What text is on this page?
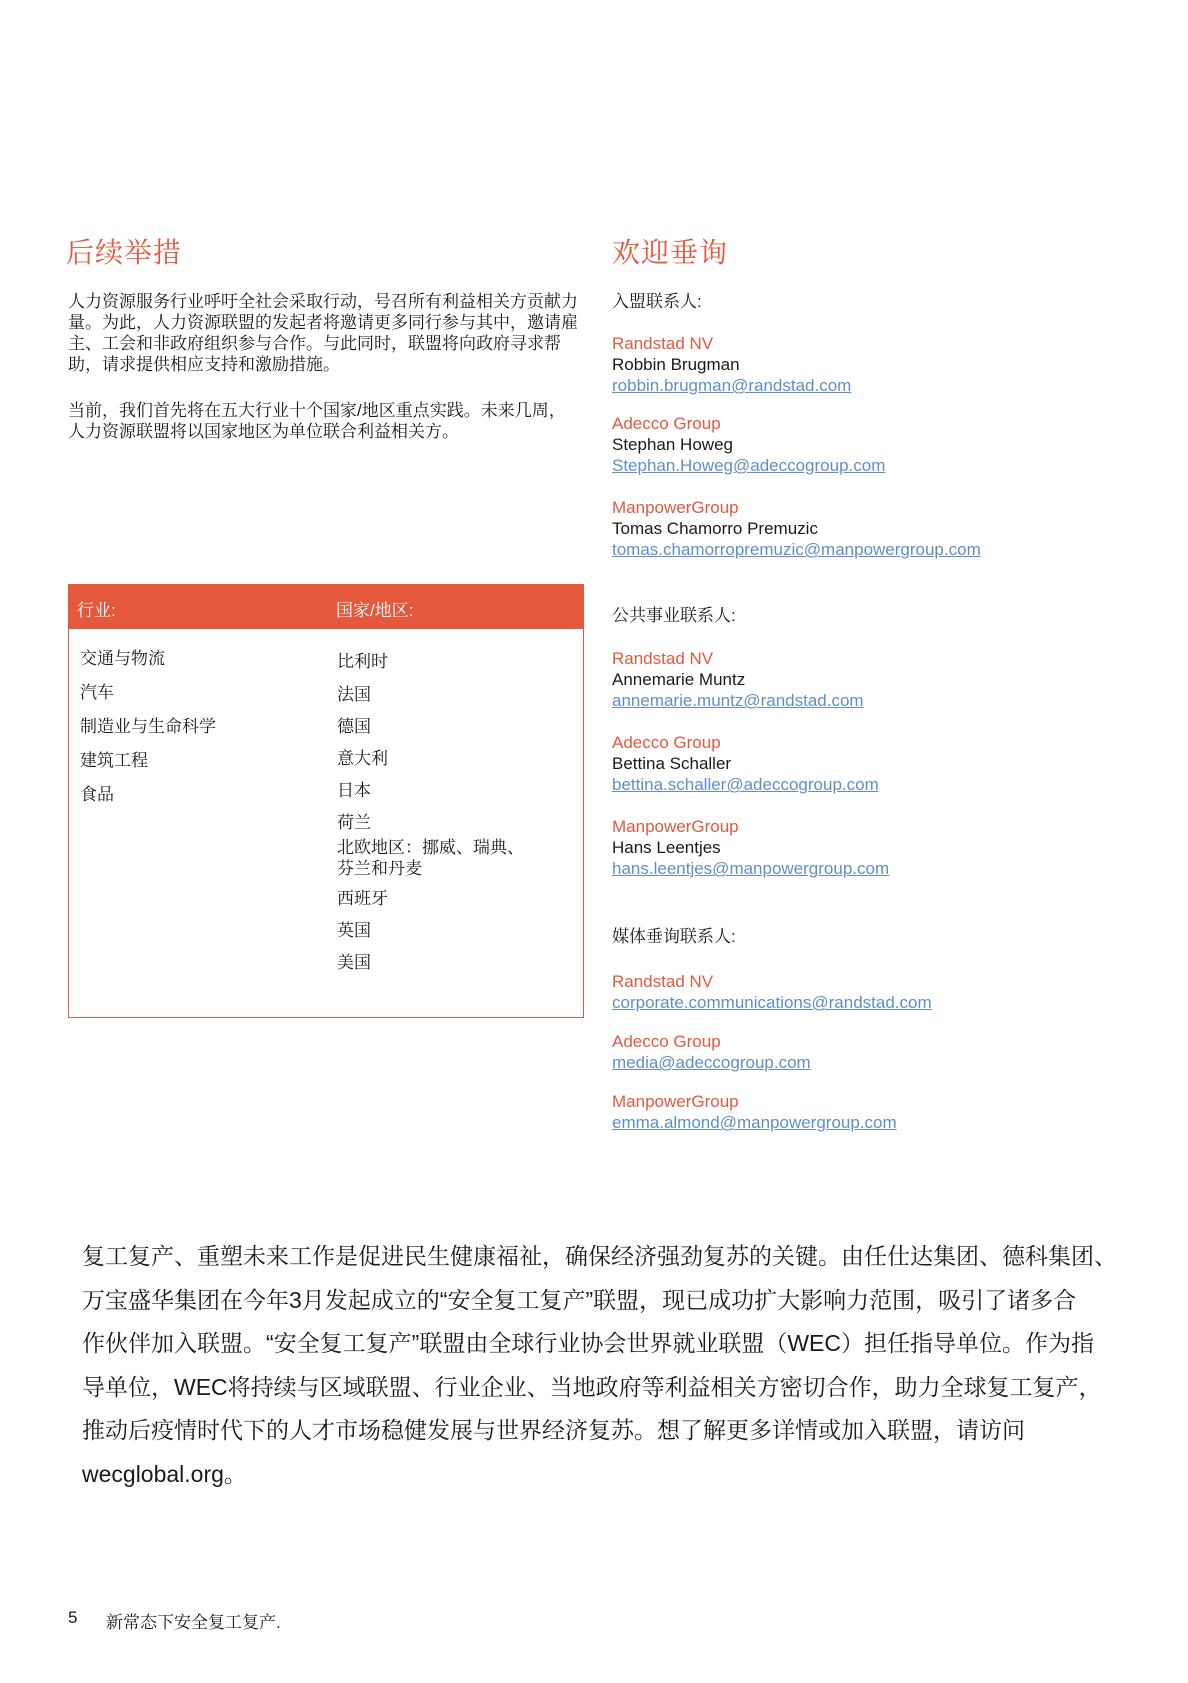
后续举措

人力资源服务行业呼吁全社会采取行动，号召所有利益相关方贡献力量。为此，人力资源联盟的发起者将邀请更多同行参与其中，邀请雇主、工会和非政府组织参与合作。与此同时，联盟将向政府寻求帮助，请求提供相应支持和激励措施。

当前，我们首先将在五大行业十个国家/地区重点实践。未来几周，人力资源联盟将以国家地区为单位联合利益相关方。

行业:	国家/地区:
交通与物流
汽车
制造业与生命科学
建筑工程
食品
比利时
法国
德国
意大利
日本
荷兰
北欧地区：挪威、瑞典、芬兰和丹麦
西班牙
英国
美国
欢迎垂询
入盟联系人:
Randstad NV
Robbin Brugman
robbin.brugman@randstad.com
Adecco Group
Stephan Howeg
Stephan.Howeg@adeccogroup.com
ManpowerGroup
Tomas Chamorro Premuzic
tomas.chamorropremuzic@manpowergroup.com
公共事业联系人:
Randstad NV
Annemarie Muntz
annemarie.muntz@randstad.com
Adecco Group
Bettina Schaller
bettina.schaller@adeccogroup.com
ManpowerGroup
Hans Leentjes
hans.leentjes@manpowergroup.com
媒体垂询联系人:
Randstad NV
corporate.communications@randstad.com
Adecco Group
media@adeccogroup.com
ManpowerGroup
emma.almond@manpowergroup.com
复工复产、重塑未来工作是促进民生健康福祉，确保经济强劲复苏的关键。由任仕达集团、德科集团、
万宝盛华集团在今年3月发起成立的“安全复工复产”联盟，现已成功扩大影响力范围，吸引了诸多合
作伙伴加入联盟。“安全复工复产”联盟由全球行业协会世界就业联盟（WEC）担任指导单位。作为指
导单位，WEC将持续与区域联盟、行业企业、当地政府等利益相关方密切合作，助力全球复工复产，
推动后疫情时代下的人才市场稳健发展与世界经济复苏。想了解更多详情或加入联盟，请访问
wecglobal.org。
5 新常态下安全复工复产.
